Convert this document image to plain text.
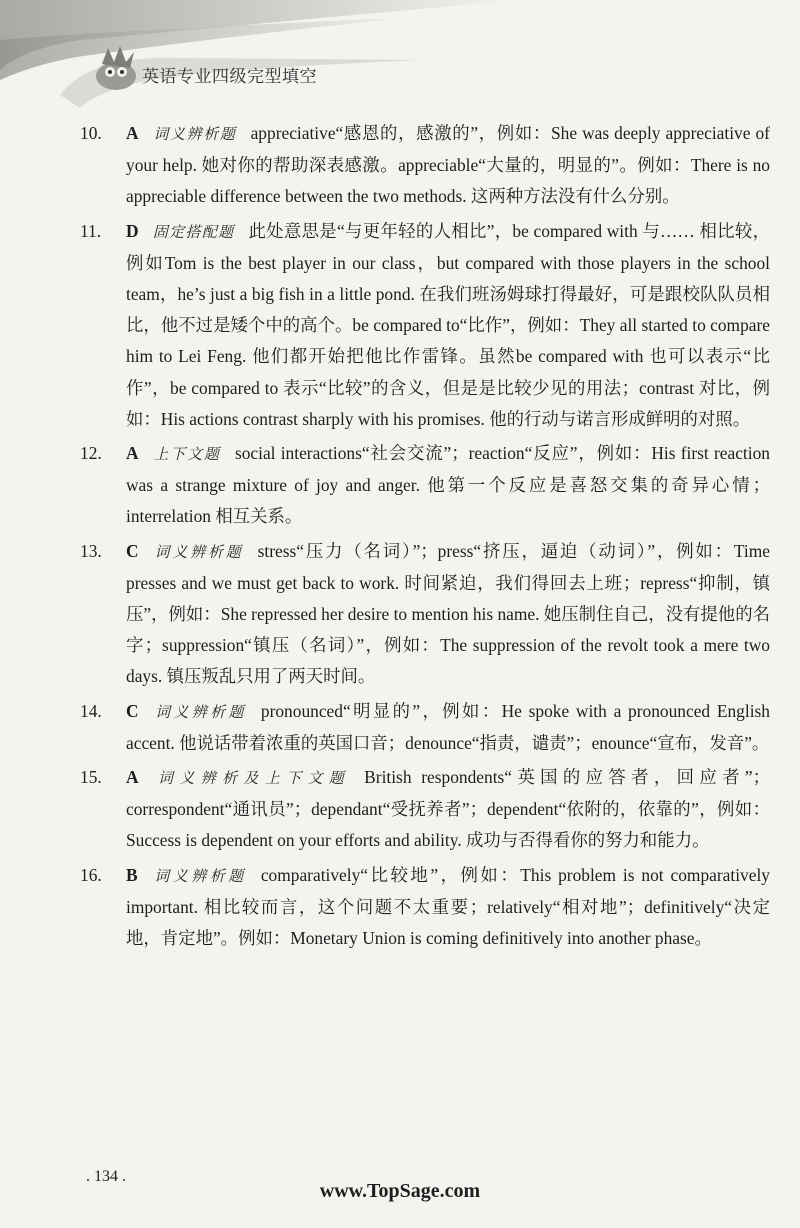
英语专业四级完型填空
10.	A 词义辨析题 appreciative“感恩的，感激的”，例如：She was deeply appreciative of your help. 她对你的帮助深表感激。appreciable“大量的，明显的”。例如：There is no appreciable difference between the two methods. 这两种方法没有什么分别。
11.	D 固定搭配题 此处意思是“与更年轻的人相比”，be compared with 与…… 相比较，例如Tom is the best player in our class，but compared with those players in the school team，he’s just a big fish in a little pond. 在我们班汤姆球打得最好，可是跟校队队员相比，他不过是矮个中的高个。be compared to“比作”，例如：They all started to compare him to Lei Feng. 他们都开始把他比作雷锋。虽然be compared with 也可以表示“比作”，be compared to 表示“比较”的含义，但是是比较少见的用法；contrast 对比，例如：His actions contrast sharply with his promises. 他的行动与诺言形成鲜明的对照。
12.	A 上下文题 social interactions“社会交流”；reaction“反应”，例如：His first reaction was a strange mixture of joy and anger. 他第一个反应是喜怒交集的奇异心情；interrelation 相互关系。
13.	C 词义辨析题 stress“压力（名词）”；press“挤压，逼迫（动词）”，例如：Time presses and we must get back to work. 时间紧迫，我们得回去上班；repress“抑制，镇压”，例如：She repressed her desire to mention his name. 她压制住自己，没有提他的名字；suppression“镇压（名词）”，例如：The suppression of the revolt took a mere two days. 镇压叛乱只用了两天时间。
14.	C 词义辨析题 pronounced“明显的”，例如：He spoke with a pronounced English accent. 他说话带着浓重的英国口音；denounce“指责，谴责”；enounce“宣布，发音”。
15.	A 词义辨析及上下文题 British respondents“英国的应答者，回应者”；correspondent“通讯员”；dependant“受抚养者”；dependent“依附的，依靠的”，例如：Success is dependent on your efforts and ability. 成功与否得看你的努力和能力。
16.	B 词义辨析题 comparatively“比较地”，例如：This problem is not comparatively important. 相比较而言，这个问题不太重要；relatively“相对地”；definitively“决定地，肯定地”。例如：Monetary Union is coming definitively into another phase。
. 134 .
www.TopSage.com
